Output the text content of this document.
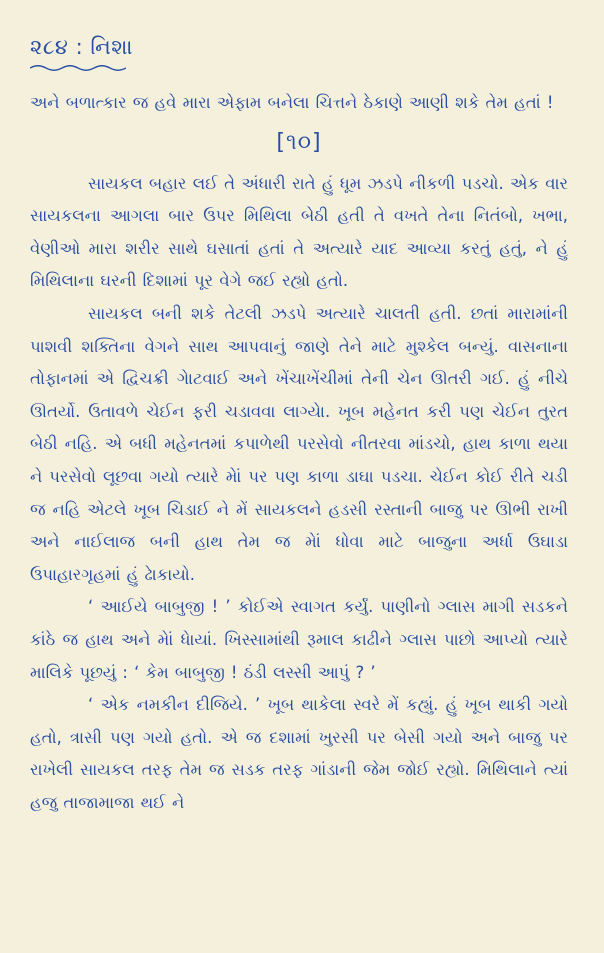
૨૮૪ : નિશા

અને બળાત્કાર જ હવે મારા એફામ બનેલા ચિત્તને ઠેકાણે આણી શકે તેમ હતાં !

[૧૦]

સાયકલ બહાર લઈ તે અંધારી રાતે હું ધૂમ ઝડપે નીકળી પડચો. એક વાર સાયકલના આગલા બાર ઉપર મિથિલા બેઠી હતી તે વખતે તેના નિતંબો, ખભા, વેણીઓ મારા શરીર સાથે ઘસાતાં હતાં તે અત્યારે યાદ આવ્યા કરતું હતું, ને હું મિથિલાના ઘરની દિશામાં પૂર વેગે જઈ રહ્યો હતો.

સાયકલ બની શકે તેટલી ઝડપે અત્યારે ચાલતી હતી. છતાં મારામાંની પાશવી શક્તિના વેગને સાથ આપવાનું જાણે તેને માટે મુશ્કેલ બન્યું. વાસનાના તોફાનમાં એ દ્વિચક્રી ગેાટવાઈ અને ખેંચાખેંચીમાં તેની ચેન ઊતરી ગઈ. હું નીચે ઊતર્યો. ઉતાવળે ચેઈન ફરી ચડાવવા લાગ્યેા. ખૂબ મહેનત કરી પણ ચેઈન તુરત બેઠી નહિ. એ બધી મહેનતમાં કપાળેથી પરસેવો નીતરવા માંડચો, હાથ કાળા થયા ને પરસેવો લૂછવા ગયો ત્યારે મેાં પર પણ કાળા ડાઘા પડચા. ચેઈન કોઈ રીતે ચડી જ નહિ એટલે ખૂબ ચિડાઈ ને મેં સાયકલને હડસી રસ્તાની બાજુ પર ઊભી રાખી અને નાઈલાજ બની હાથ તેમ જ મેાં ધોવા માટે બાજુના અર્ધા ઉઘાડા ઉપાહારગૃહમાં હું ઢેાકાયો.

‘ આઈયે બાબુજી ! ’ કોઈએ સ્વાગત કર્યું. પાણીનો ગ્લાસ માગી સડકને કાંઠે જ હાથ અને મેાં ધેાયાં. ખિસ્સામાંથી રૂમાલ કાઢીને ગ્લાસ પાછો આપ્યો ત્યારે માલિકે પૂછયું : ‘ કેમ બાબુજી ! ઠંડી લસ્સી આપું ? ’

‘ એક નમકીન દીજિયે. ’ ખૂબ થાકેલા સ્વરે મેં કહ્યું. હું ખૂબ થાકી ગયો હતો, ત્રાસી પણ ગયો હતો. એ જ દશામાં ખુરસી પર બેસી ગયો અને બાજુ પર રાખેલી સાયકલ તરફ તેમ જ સડક તરફ ગાંડાની જેમ જોઈ રહ્યો. મિથિલાને ત્યાં હજુ તાજામાજા થઈ ને
